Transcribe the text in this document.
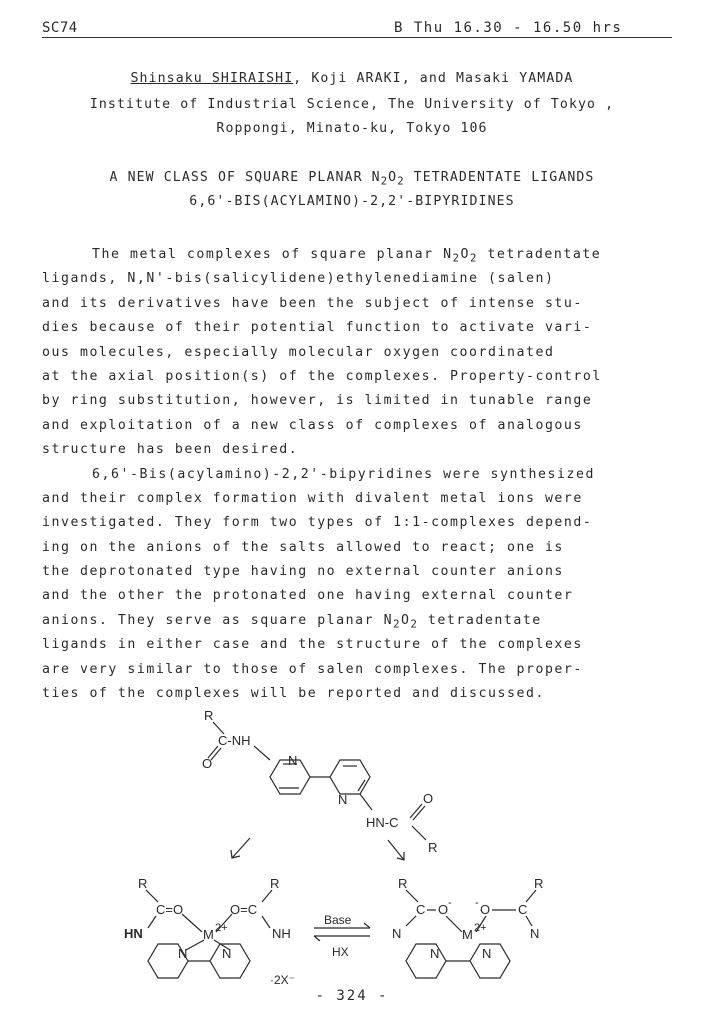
SC74	B Thu 16.30 - 16.50 hrs
Shinsaku SHIRAISHI, Koji ARAKI, and Masaki YAMADA
Institute of Industrial Science, The University of Tokyo ,
Roppongi, Minato-ku, Tokyo 106
A NEW CLASS OF SQUARE PLANAR $N_2O_2$ TETRADENTATE LIGANDS
6,6'-BIS(ACYLAMINO)-2,2'-BIPYRIDINES
The metal complexes of square planar $N_2O_2$ tetradentate
ligands, N,N'-bis(salicylidene)ethylenediamine (salen)
and its derivatives have been the subject of intense stu-
dies because of their potential function to activate vari-
ous molecules, especially molecular oxygen coordinated
at the axial position(s) of the complexes. Property-control
by ring substitution, however, is limited in tunable range
and exploitation of a new class of complexes of analogous
structure has been desired.
6,6'-Bis(acylamino)-2,2'-bipyridines were synthesized
and their complex formation with divalent metal ions were
investigated. They form two types of 1:1-complexes depend-
ing on the anions of the salts allowed to react; one is
the deprotonated type having no external counter anions
and the other the protonated one having external counter
anions. They serve as square planar $N_2O_2$ tetradentate
ligands in either case and the structure of the complexes
are very similar to those of salen complexes. The proper-
ties of the complexes will be reported and discussed.
R
C-NH
O	N
N
HN-C
O
R
R
C=O
R
O=C
HN	NH
M 2+
N	N
·2X⁻
Base
HX
R
C O -
R
O
-	C
N	N
M 2+
N	N
- 324 -
